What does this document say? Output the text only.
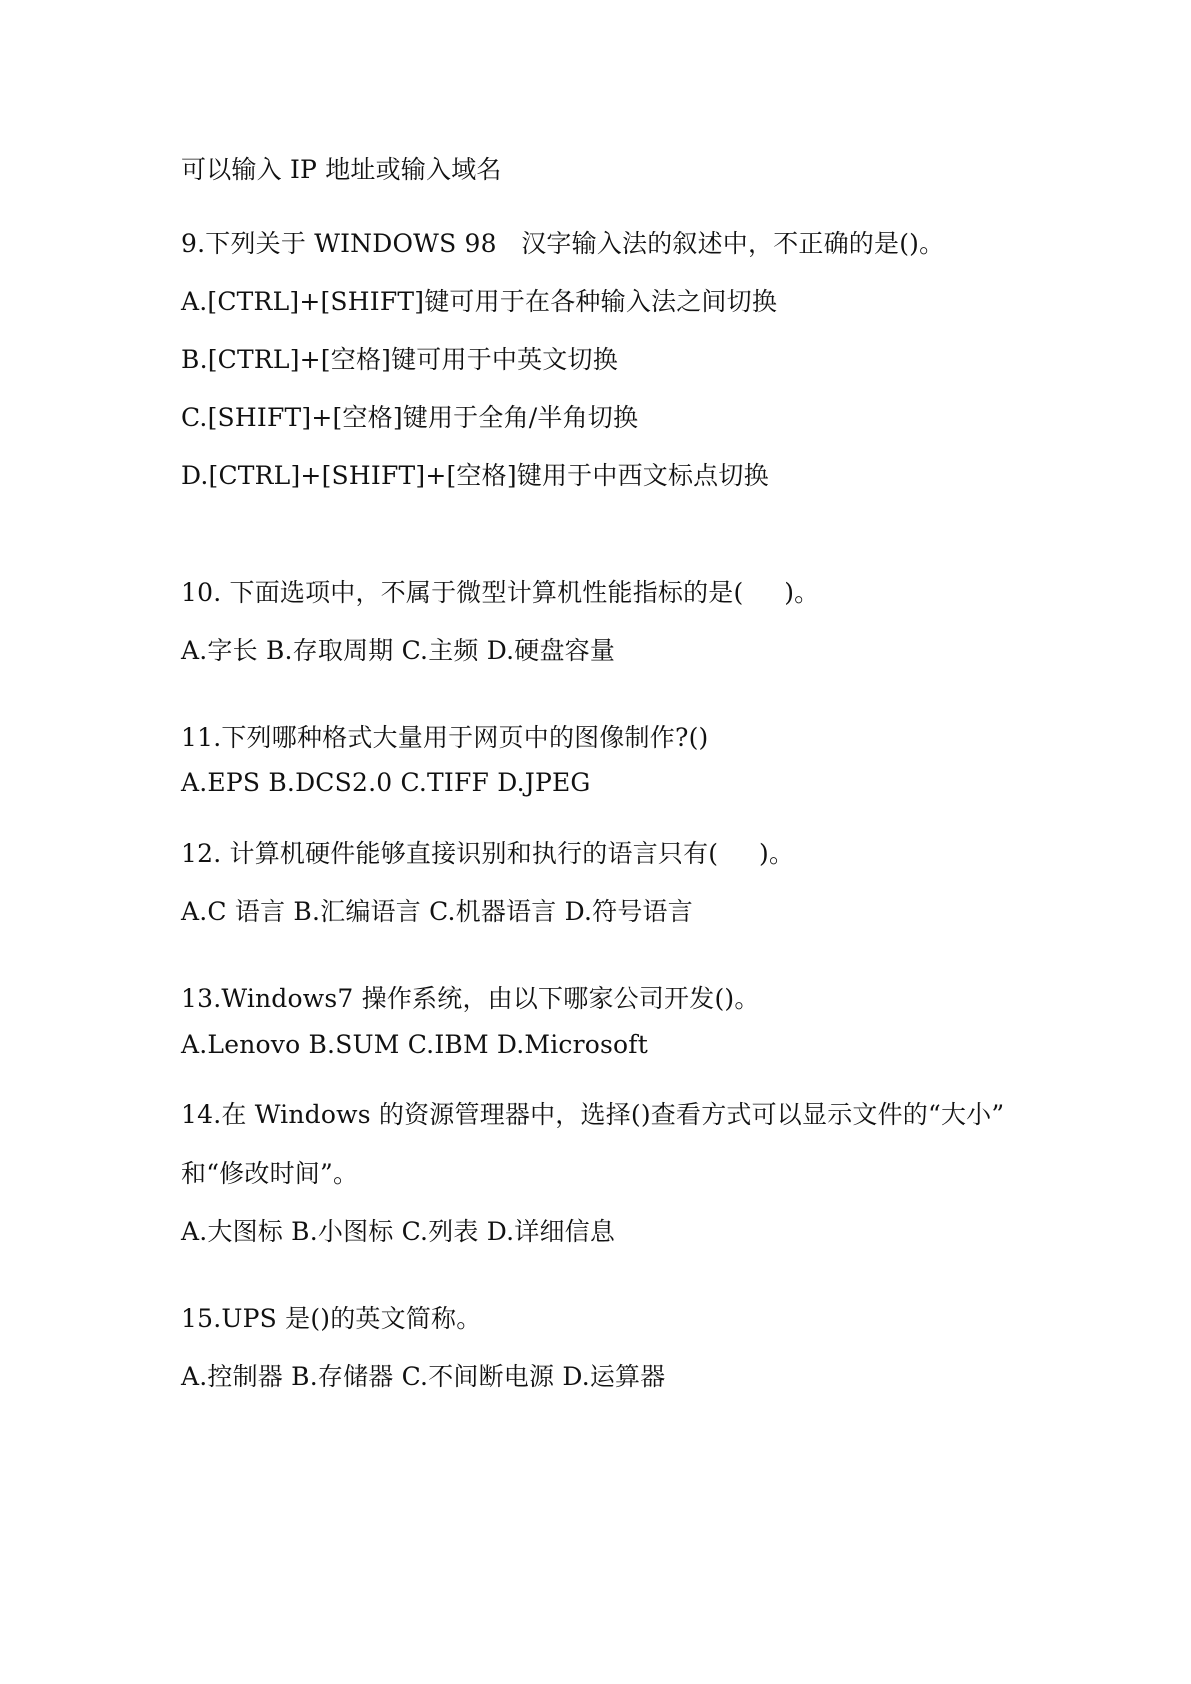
可以输入 IP 地址或输入域名
9.下列关于 WINDOWS 98   汉字输入法的叙述中，不正确的是()。
A.[CTRL]+[SHIFT]键可用于在各种输入法之间切换
B.[CTRL]+[空格]键可用于中英文切换
C.[SHIFT]+[空格]键用于全角/半角切换
D.[CTRL]+[SHIFT]+[空格]键用于中西文标点切换
10. 下面选项中，不属于微型计算机性能指标的是(     )。
A.字长 B.存取周期 C.主频 D.硬盘容量
11.下列哪种格式大量用于网页中的图像制作?()
A.EPS B.DCS2.0 C.TIFF D.JPEG
12. 计算机硬件能够直接识别和执行的语言只有(     )。
A.C 语言 B.汇编语言 C.机器语言 D.符号语言
13.Windows7 操作系统，由以下哪家公司开发()。
A.Lenovo B.SUM C.IBM D.Microsoft
14.在 Windows 的资源管理器中，选择()查看方式可以显示文件的“大小”
和“修改时间”。
A.大图标 B.小图标 C.列表 D.详细信息
15.UPS 是()的英文简称。
A.控制器 B.存储器 C.不间断电源 D.运算器
